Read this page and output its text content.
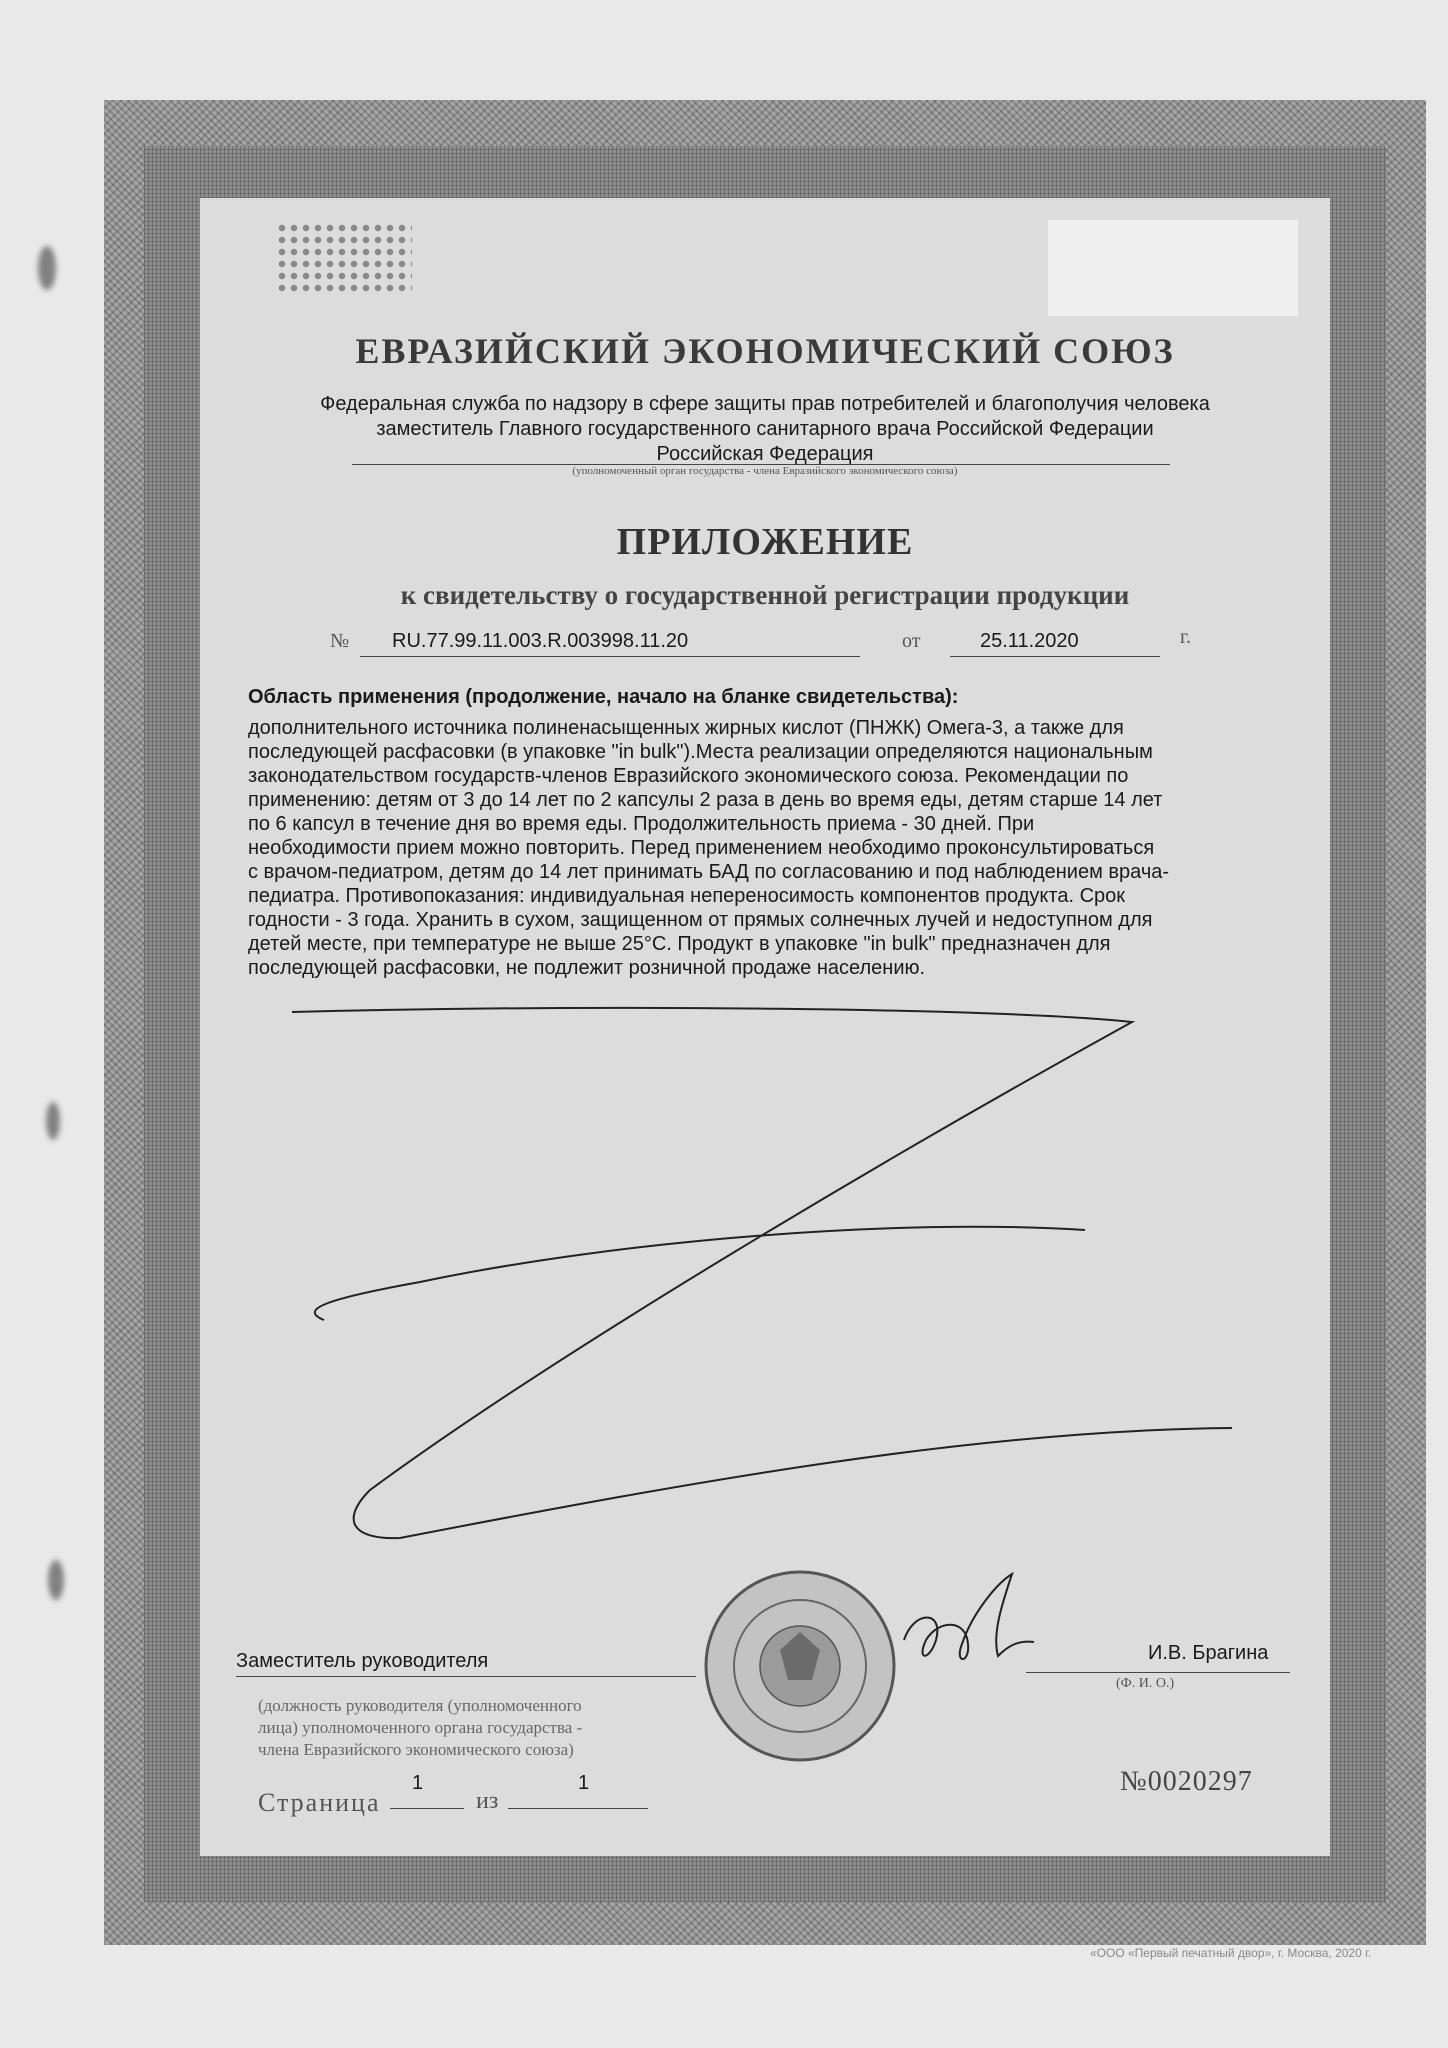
ЕВРАЗИЙСКИЙ ЭКОНОМИЧЕСКИЙ СОЮЗ
Федеральная служба по надзору в сфере защиты прав потребителей и благополучия человека
заместитель Главного государственного санитарного врача Российской Федерации
Российская Федерация
(уполномоченный орган государства - члена Евразийского экономического союза)
ПРИЛОЖЕНИЕ
к свидетельству о государственной регистрации продукции
№ RU.77.99.11.003.R.003998.11.20	от	25.11.2020	г.
Область применения (продолжение, начало на бланке свидетельства):
дополнительного источника полиненасыщенных жирных кислот (ПНЖК) Омега-3, а также для
последующей расфасовки (в упаковке "in bulk").Места реализации определяются национальным
законодательством государств-членов Евразийского экономического союза. Рекомендации по
применению: детям от 3 до 14 лет по 2 капсулы 2 раза в день во время еды, детям старше 14 лет
по 6 капсул в течение дня во время еды. Продолжительность приема - 30 дней. При
необходимости прием можно повторить. Перед применением необходимо проконсультироваться
с врачом-педиатром, детям до 14 лет принимать БАД по согласованию и под наблюдением врача-
педиатра. Противопоказания: индивидуальная непереносимость компонентов продукта. Срок
годности - 3 года. Хранить в сухом, защищенном от прямых солнечных лучей и недоступном для
детей месте, при температуре не выше 25°С. Продукт в упаковке "in bulk" предназначен для
последующей расфасовки, не подлежит розничной продаже населению.
Заместитель руководителя	И.В. Брагина
(Ф. И. О.)
(должность руководителя (уполномоченного
лица) уполномоченного органа государства -
члена Евразийского экономического союза)
Страница
1
из
1	№0020297
«ООО «Первый печатный двор», г. Москва, 2020 г.
